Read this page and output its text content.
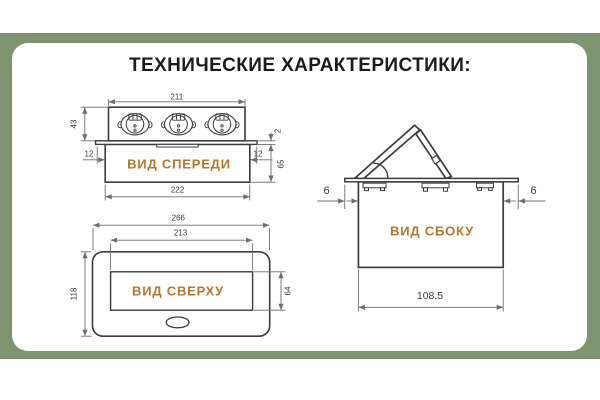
ТЕХНИЧЕСКИЕ ХАРАКТЕРИСТИКИ:
211
43
12	12
2
65
222
ВИД СПЕРЕДИ
266
213
118	64
ВИД СВЕРХУ
6	6
108.5
ВИД СБОКУ
